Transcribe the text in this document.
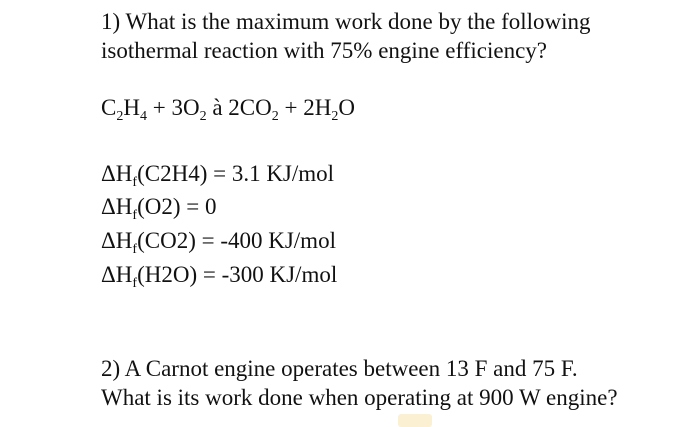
1) What is the maximum work done by the following
isothermal reaction with 75% engine efficiency?
$C_2H_4 + 3O_2$ à $2CO_2 + 2H_2O$
$\Delta H_f(C2H4) = 3.1$ KJ/mol
$\Delta H_f(O2) = 0$
$\Delta H_f(CO2) = -400$ KJ/mol
$\Delta H_f(H2O) = -300$ KJ/mol
2) A Carnot engine operates between 13 F and 75 F.
What is its work done when operating at 900 W engine?
